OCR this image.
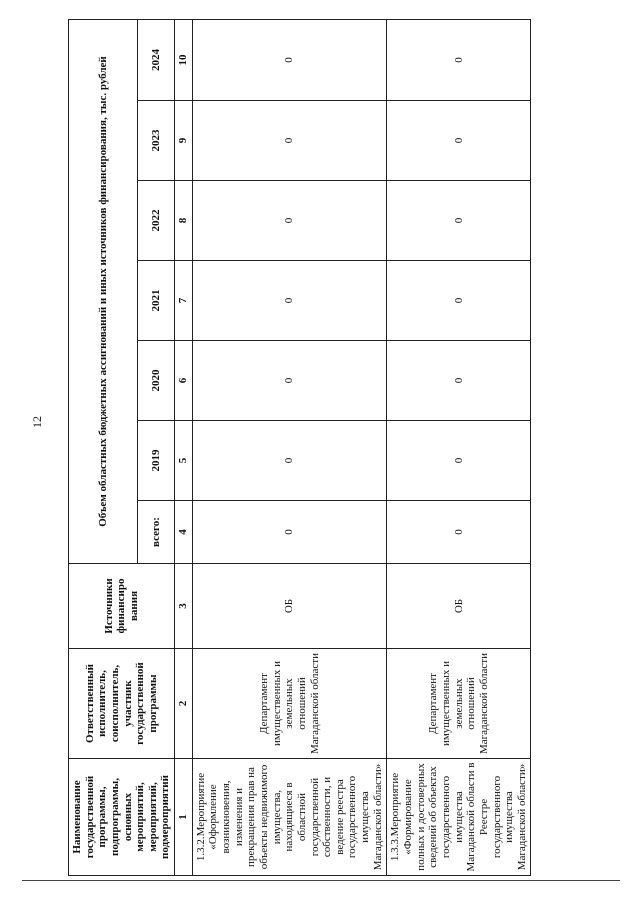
12
Наименование государственной программы, подпрограммы, основных мероприятий, мероприятий, подмероприятий	Ответственный исполнитель, соисполнитель, участник государственной программы	Источники финансиро вания	Объем областных бюджетных ассигнований и иных источников финансирования, тыс. рублей						
			всего:	2019	2020	2021	2022	2023	2024
1	2	3	4	5	6	7	8	9	10
1.3.2.Мероприятие «Оформление возникновения, изменения и прекращения прав на объекты недвижимого имущества, находящиеся в областной государственной собственности, и ведение реестра государственного имущества Магаданской области»	Департамент имущественных и земельных отношений Магаданской области	ОБ	0	0	0	0	0	0	0
1.3.3.Мероприятие «Формирование полных и достоверных сведений об объектах государственного имущества Магаданской области в Реестре государственного имущества Магаданской области»	Департамент имущественных и земельных отношений Магаданской области	ОБ	0	0	0	0	0	0	0
